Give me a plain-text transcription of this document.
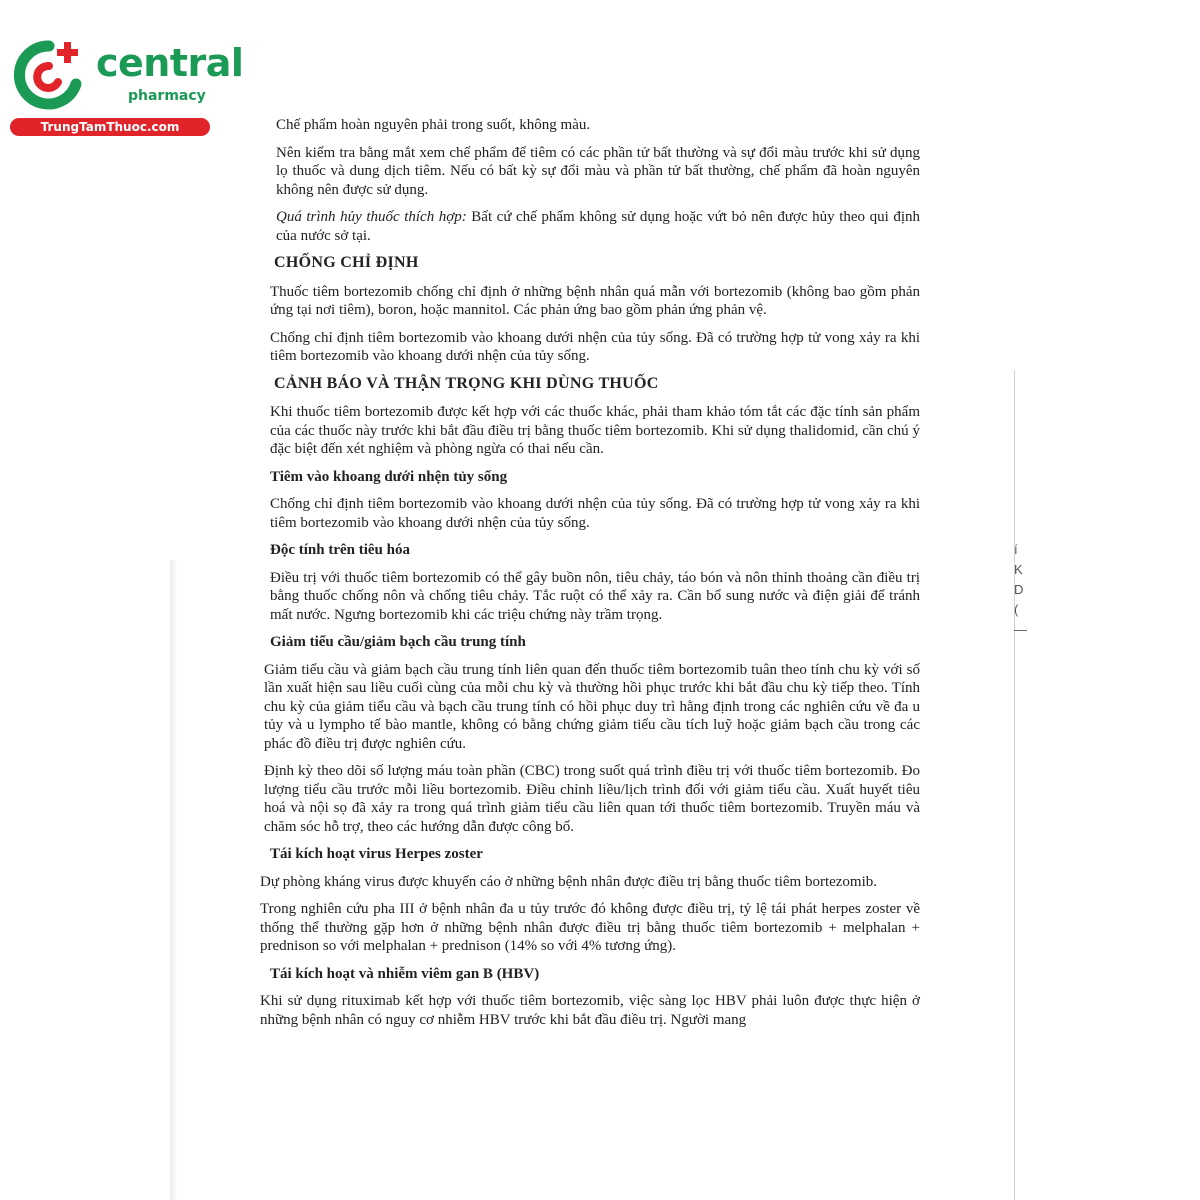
í
K
D
(
—
central
pharmacy
TrungTamThuoc.com	Chế phẩm hoàn nguyên phải trong suốt, không màu.

Nên kiểm tra bằng mắt xem chế phẩm để tiêm có các phần tử bất thường và sự đổi màu trước khi sử dụng lọ thuốc và dung dịch tiêm. Nếu có bất kỳ sự đổi màu và phần tử bất thường, chế phẩm đã hoàn nguyên không nên được sử dụng.

Quá trình hủy thuốc thích hợp: Bất cứ chế phẩm không sử dụng hoặc vứt bỏ nên được hủy theo qui định của nước sở tại.

CHỐNG CHỈ ĐỊNH

Thuốc tiêm bortezomib chống chỉ định ở những bệnh nhân quá mẫn với bortezomib (không bao gồm phản ứng tại nơi tiêm), boron, hoặc mannitol. Các phản ứng bao gồm phản ứng phản vệ.

Chống chỉ định tiêm bortezomib vào khoang dưới nhện của tủy sống. Đã có trường hợp tử vong xảy ra khi tiêm bortezomib vào khoang dưới nhện của tủy sống.

CẢNH BÁO VÀ THẬN TRỌNG KHI DÙNG THUỐC

Khi thuốc tiêm bortezomib được kết hợp với các thuốc khác, phải tham khảo tóm tắt các đặc tính sản phẩm của các thuốc này trước khi bắt đầu điều trị bằng thuốc tiêm bortezomib. Khi sử dụng thalidomid, cần chú ý đặc biệt đến xét nghiệm và phòng ngừa có thai nếu cần.

Tiêm vào khoang dưới nhện tủy sống

Chống chỉ định tiêm bortezomib vào khoang dưới nhện của tủy sống. Đã có trường hợp tử vong xảy ra khi tiêm bortezomib vào khoang dưới nhện của tủy sống.

Độc tính trên tiêu hóa

Điều trị với thuốc tiêm bortezomib có thể gây buồn nôn, tiêu chảy, táo bón và nôn thỉnh thoảng cần điều trị bằng thuốc chống nôn và chống tiêu chảy. Tắc ruột có thể xảy ra. Cần bổ sung nước và điện giải để tránh mất nước. Ngưng bortezomib khi các triệu chứng này trầm trọng.

Giảm tiểu cầu/giảm bạch cầu trung tính

Giảm tiểu cầu và giảm bạch cầu trung tính liên quan đến thuốc tiêm bortezomib tuân theo tính chu kỳ với số lần xuất hiện sau liều cuối cùng của mỗi chu kỳ và thường hồi phục trước khi bắt đầu chu kỳ tiếp theo. Tính chu kỳ của giảm tiểu cầu và bạch cầu trung tính có hồi phục duy trì hằng định trong các nghiên cứu về đa u tủy và u lympho tế bào mantle, không có bằng chứng giảm tiểu cầu tích luỹ hoặc giảm bạch cầu trong các phác đồ điều trị được nghiên cứu.

Định kỳ theo dõi số lượng máu toàn phần (CBC) trong suốt quá trình điều trị với thuốc tiêm bortezomib. Đo lượng tiểu cầu trước mỗi liều bortezomib. Điều chỉnh liều/lịch trình đối với giảm tiểu cầu. Xuất huyết tiêu hoá và nội sọ đã xảy ra trong quá trình giảm tiểu cầu liên quan tới thuốc tiêm bortezomib. Truyền máu và chăm sóc hỗ trợ, theo các hướng dẫn được công bố.

Tái kích hoạt virus Herpes zoster

Dự phòng kháng virus được khuyến cáo ở những bệnh nhân được điều trị bằng thuốc tiêm bortezomib.

Trong nghiên cứu pha III ở bệnh nhân đa u tủy trước đó không được điều trị, tỷ lệ tái phát herpes zoster về thống thể thường gặp hơn ở những bệnh nhân được điều trị bằng thuốc tiêm bortezomib + melphalan + prednison so với melphalan + prednison (14% so với 4% tương ứng).

Tái kích hoạt và nhiễm viêm gan B (HBV)

Khi sử dụng rituximab kết hợp với thuốc tiêm bortezomib, việc sàng lọc HBV phải luôn được thực hiện ở những bệnh nhân có nguy cơ nhiễm HBV trước khi bắt đầu điều trị. Người mang
